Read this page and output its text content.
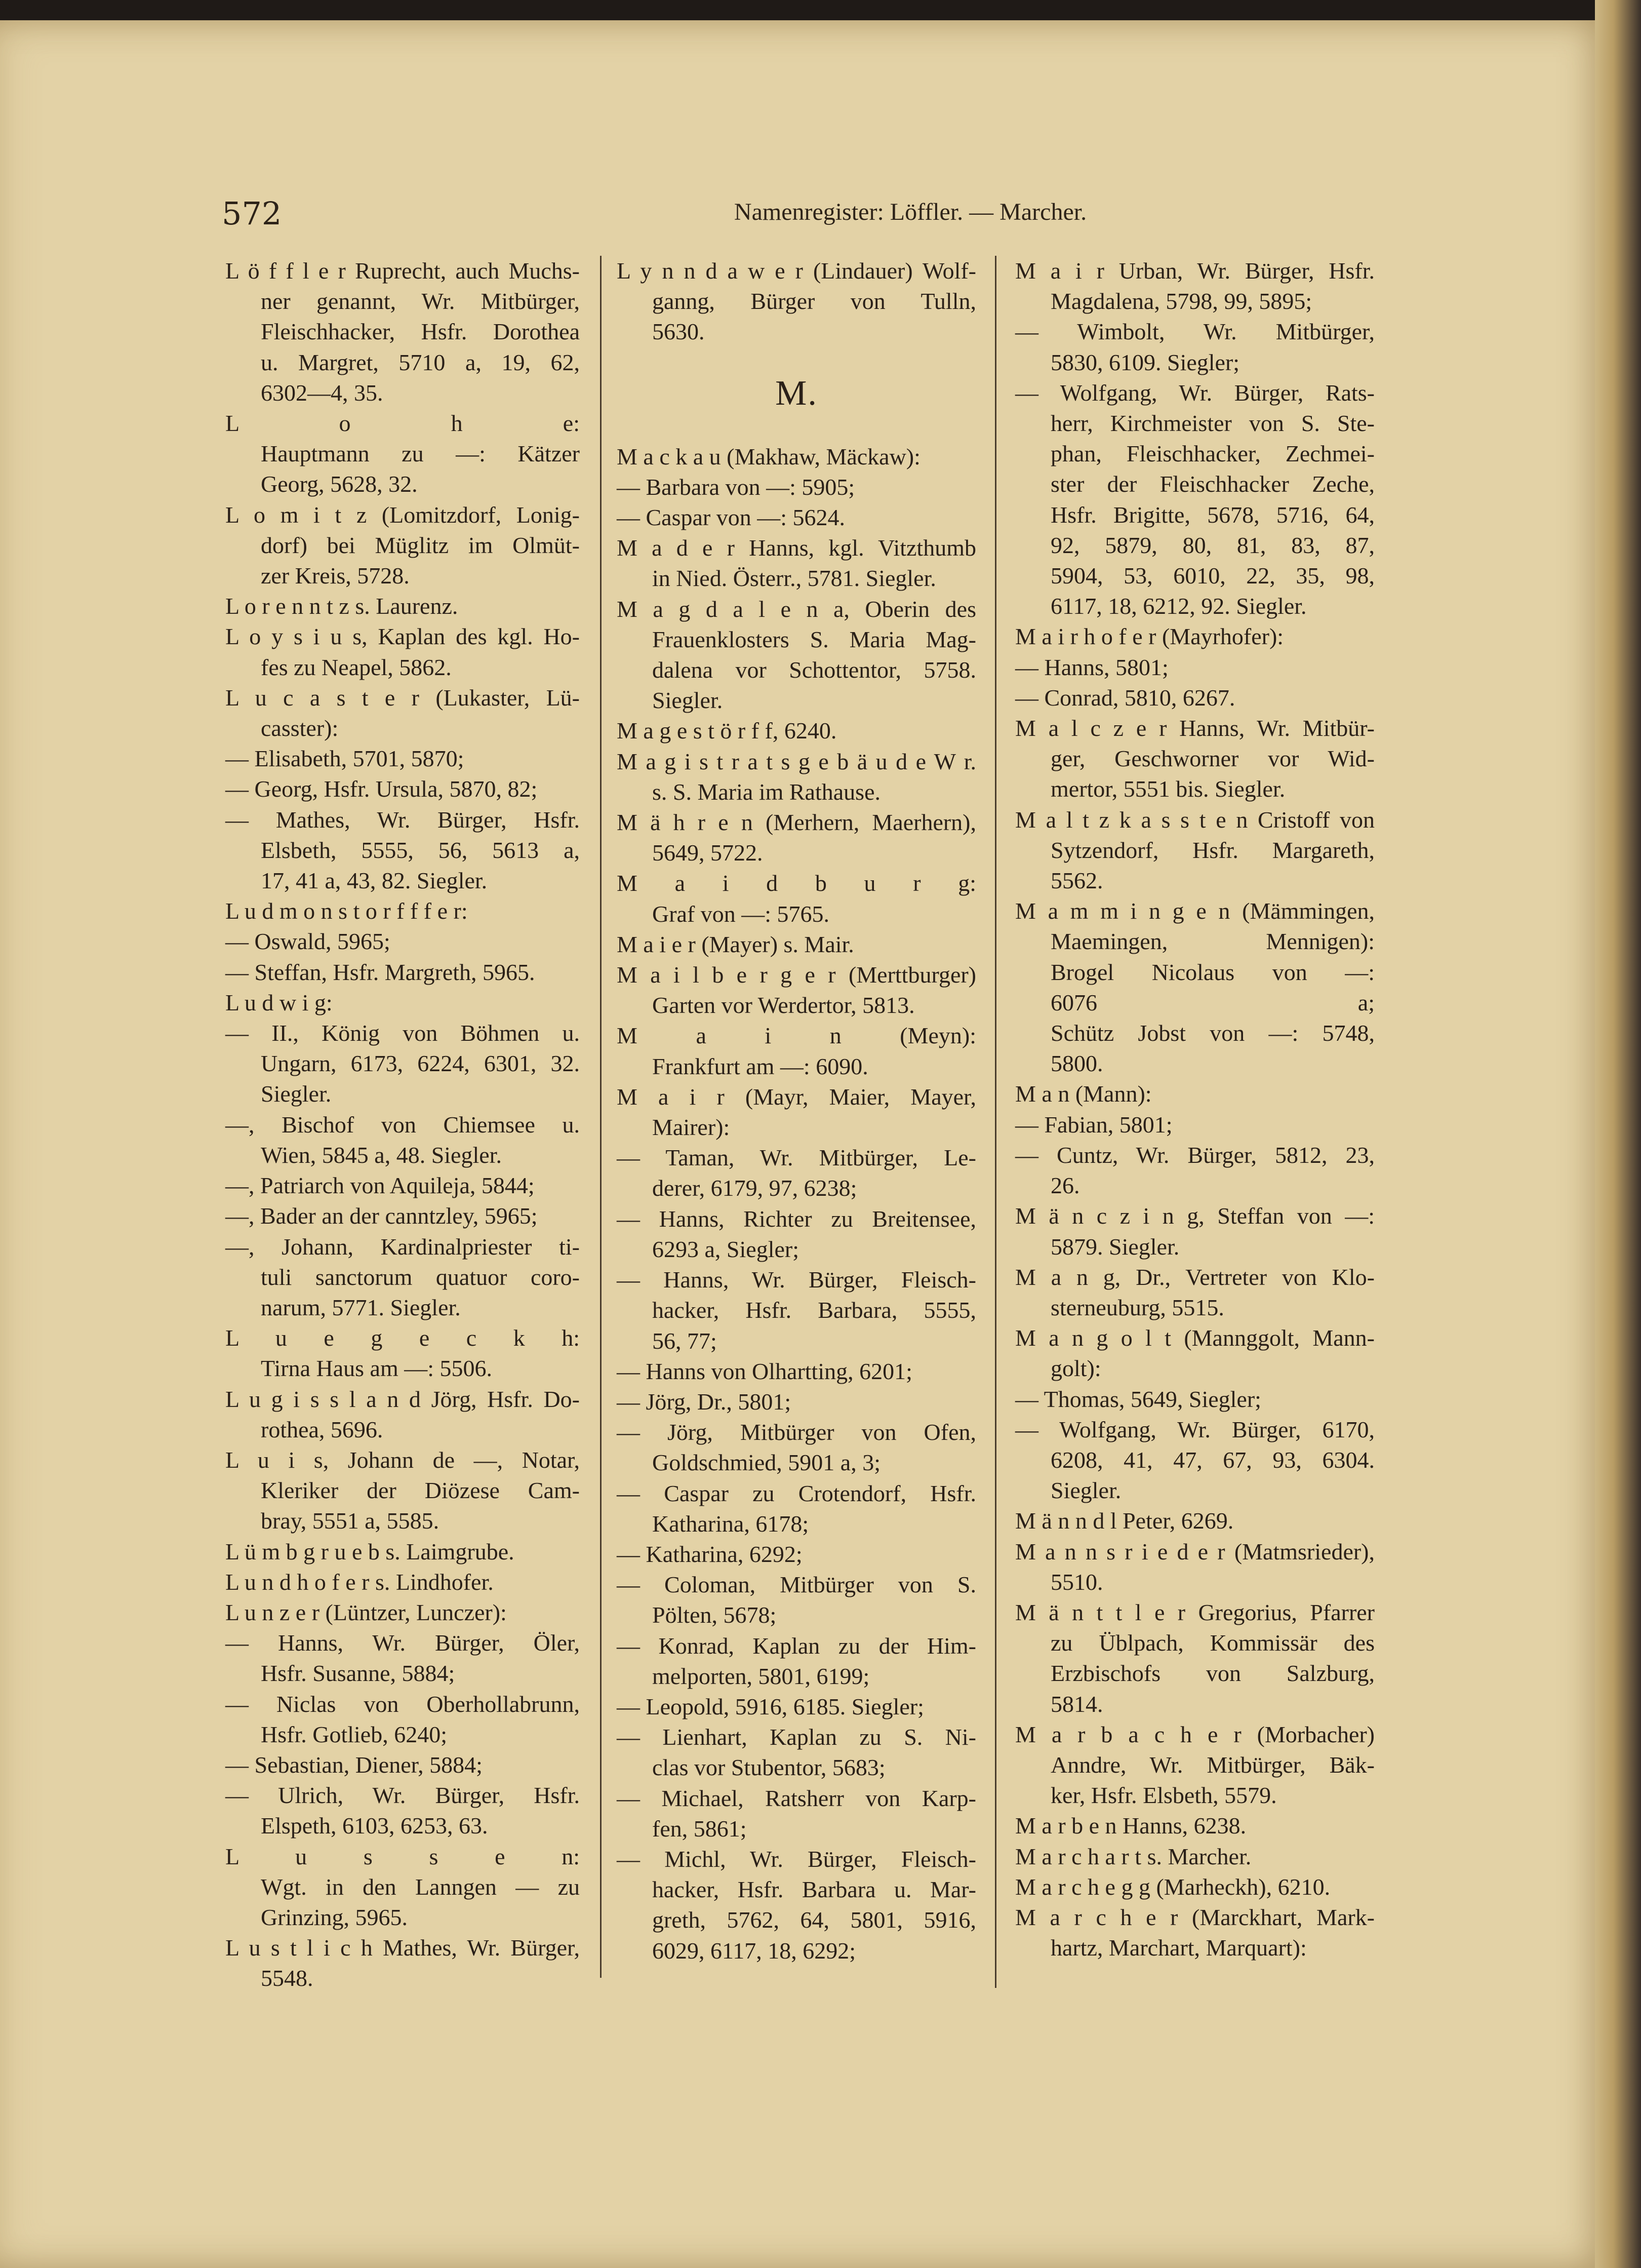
572	Namenregister: Löffler. — Marcher.
L ö f f l e r Ruprecht, auch Muchs-
ner genannt, Wr. Mitbürger,
Fleischhacker, Hsfr. Dorothea
u. Margret, 5710 a, 19, 62,
6302—4, 35.
L o h e:
Hauptmann zu —: Kätzer
Georg, 5628, 32.
L o m i t z (Lomitzdorf, Lonig-
dorf) bei Müglitz im Olmüt-
zer Kreis, 5728.
L o r e n n t z s. Laurenz.
L o y s i u s, Kaplan des kgl. Ho-
fes zu Neapel, 5862.
L u c a s t e r (Lukaster, Lü-
casster):
— Elisabeth, 5701, 5870;
— Georg, Hsfr. Ursula, 5870, 82;
— Mathes, Wr. Bürger, Hsfr.
Elsbeth, 5555, 56, 5613 a,
17, 41 a, 43, 82. Siegler.
L u d m o n s t o r f f f e r:
— Oswald, 5965;
— Steffan, Hsfr. Margreth, 5965.
L u d w i g:
— II., König von Böhmen u.
Ungarn, 6173, 6224, 6301, 32.
Siegler.
—, Bischof von Chiemsee u.
Wien, 5845 a, 48. Siegler.
—, Patriarch von Aquileja, 5844;
—, Bader an der canntzley, 5965;
—, Johann, Kardinalpriester ti-
tuli sanctorum quatuor coro-
narum, 5771. Siegler.
L u e g e c k h:
Tirna Haus am —: 5506.
L u g i s s l a n d Jörg, Hsfr. Do-
rothea, 5696.
L u i s, Johann de —, Notar,
Kleriker der Diözese Cam-
bray, 5551 a, 5585.
L ü m b g r u e b s. Laimgrube.
L u n d h o f e r s. Lindhofer.
L u n z e r (Lüntzer, Lunczer):
— Hanns, Wr. Bürger, Öler,
Hsfr. Susanne, 5884;
— Niclas von Oberhollabrunn,
Hsfr. Gotlieb, 6240;
— Sebastian, Diener, 5884;
— Ulrich, Wr. Bürger, Hsfr.
Elspeth, 6103, 6253, 63.
L u s s e n:
Wgt. in den Lanngen — zu
Grinzing, 5965.
L u s t l i c h Mathes, Wr. Bürger,
5548.
L y n n d a w e r (Lindauer) Wolf-
ganng, Bürger von Tulln,
5630.
M.
M a c k a u (Makhaw, Mäckaw):
— Barbara von —: 5905;
— Caspar von —: 5624.
M a d e r Hanns, kgl. Vitzthumb
in Nied. Österr., 5781. Siegler.
M a g d a l e n a, Oberin des
Frauenklosters S. Maria Mag-
dalena vor Schottentor, 5758.
Siegler.
M a g e s t ö r f f, 6240.
M a g i s t r a t s g e b ä u d e W r.
s. S. Maria im Rathause.
M ä h r e n (Merhern, Maerhern),
5649, 5722.
M a i d b u r g:
Graf von —: 5765.
M a i e r (Mayer) s. Mair.
M a i l b e r g e r (Merttburger)
Garten vor Werdertor, 5813.
M a i n (Meyn):
Frankfurt am —: 6090.
M a i r (Mayr, Maier, Mayer,
Mairer):
— Taman, Wr. Mitbürger, Le-
derer, 6179, 97, 6238;
— Hanns, Richter zu Breitensee,
6293 a, Siegler;
— Hanns, Wr. Bürger, Fleisch-
hacker, Hsfr. Barbara, 5555,
56, 77;
— Hanns von Olhartting, 6201;
— Jörg, Dr., 5801;
— Jörg, Mitbürger von Ofen,
Goldschmied, 5901 a, 3;
— Caspar zu Crotendorf, Hsfr.
Katharina, 6178;
— Katharina, 6292;
— Coloman, Mitbürger von S.
Pölten, 5678;
— Konrad, Kaplan zu der Him-
melporten, 5801, 6199;
— Leopold, 5916, 6185. Siegler;
— Lienhart, Kaplan zu S. Ni-
clas vor Stubentor, 5683;
— Michael, Ratsherr von Karp-
fen, 5861;
— Michl, Wr. Bürger, Fleisch-
hacker, Hsfr. Barbara u. Mar-
greth, 5762, 64, 5801, 5916,
6029, 6117, 18, 6292;
M a i r Urban, Wr. Bürger, Hsfr.
Magdalena, 5798, 99, 5895;
— Wimbolt, Wr. Mitbürger,
5830, 6109. Siegler;
— Wolfgang, Wr. Bürger, Rats-
herr, Kirchmeister von S. Ste-
phan, Fleischhacker, Zechmei-
ster der Fleischhacker Zeche,
Hsfr. Brigitte, 5678, 5716, 64,
92, 5879, 80, 81, 83, 87,
5904, 53, 6010, 22, 35, 98,
6117, 18, 6212, 92. Siegler.
M a i r h o f e r (Mayrhofer):
— Hanns, 5801;
— Conrad, 5810, 6267.
M a l c z e r Hanns, Wr. Mitbür-
ger, Geschworner vor Wid-
mertor, 5551 bis. Siegler.
M a l t z k a s s t e n Cristoff von
Sytzendorf, Hsfr. Margareth,
5562.
M a m m i n g e n (Mämmingen,
Maemingen, Mennigen):
Brogel Nicolaus von —:
6076 a;
Schütz Jobst von —: 5748,
5800.
M a n (Mann):
— Fabian, 5801;
— Cuntz, Wr. Bürger, 5812, 23,
26.
M ä n c z i n g, Steffan von —:
5879. Siegler.
M a n g, Dr., Vertreter von Klo-
sterneuburg, 5515.
M a n g o l t (Mannggolt, Mann-
golt):
— Thomas, 5649, Siegler;
— Wolfgang, Wr. Bürger, 6170,
6208, 41, 47, 67, 93, 6304.
Siegler.
M ä n n d l Peter, 6269.
M a n n s r i e d e r (Matmsrieder),
5510.
M ä n t t l e r Gregorius, Pfarrer
zu Üblpach, Kommissär des
Erzbischofs von Salzburg,
5814.
M a r b a c h e r (Morbacher)
Anndre, Wr. Mitbürger, Bäk-
ker, Hsfr. Elsbeth, 5579.
M a r b e n Hanns, 6238.
M a r c h a r t s. Marcher.
M a r c h e g g (Marheckh), 6210.
M a r c h e r (Marckhart, Mark-
hartz, Marchart, Marquart):
